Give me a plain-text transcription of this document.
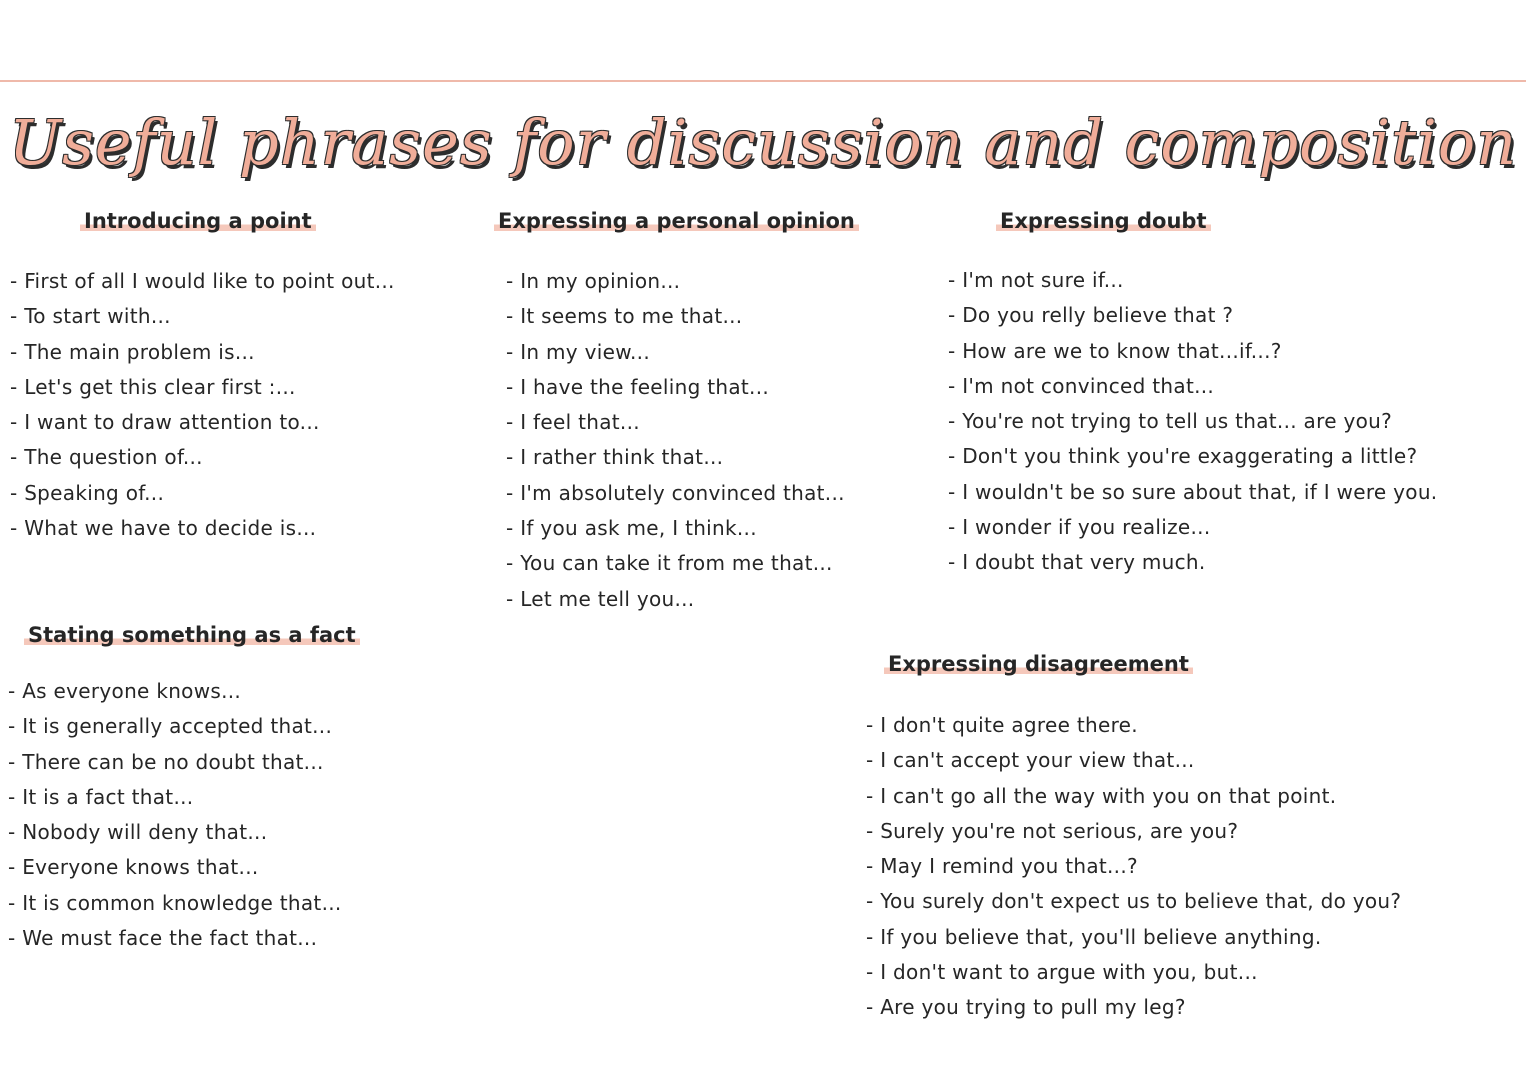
Useful phrases for discussion and composition
Introducing a point
- First of all I would like to point out...
- To start with...
- The main problem is...
- Let's get this clear first :...
- I want to draw attention to...
- The question of...
- Speaking of...
- What we have to decide is...
Expressing a personal opinion
- In my opinion...
- It seems to me that...
- In my view...
- I have the feeling that...
- I feel that...
- I rather think that...
- I'm absolutely convinced that...
- If you ask me, I think...
- You can take it from me that...
- Let me tell you...
Expressing doubt
- I'm not sure if...
- Do you relly believe that ?
- How are we to know that...if...?
- I'm not convinced that...
- You're not trying to tell us that... are you?
- Don't you think you're exaggerating a little?
- I wouldn't be so sure about that, if I were you.
- I wonder if you realize...
- I doubt that very much.
Stating something as a fact
- As everyone knows...
- It is generally accepted that...
- There can be no doubt that...
- It is a fact that...
- Nobody will deny that...
- Everyone knows that...
- It is common knowledge that...
- We must face the fact that...
Expressing disagreement
- I don't quite agree there.
- I can't accept your view that...
- I can't go all the way with you on that point.
- Surely you're not serious, are you?
- May I remind you that...?
- You surely don't expect us to believe that, do you?
- If you believe that, you'll believe anything.
- I don't want to argue with you, but...
- Are you trying to pull my leg?
